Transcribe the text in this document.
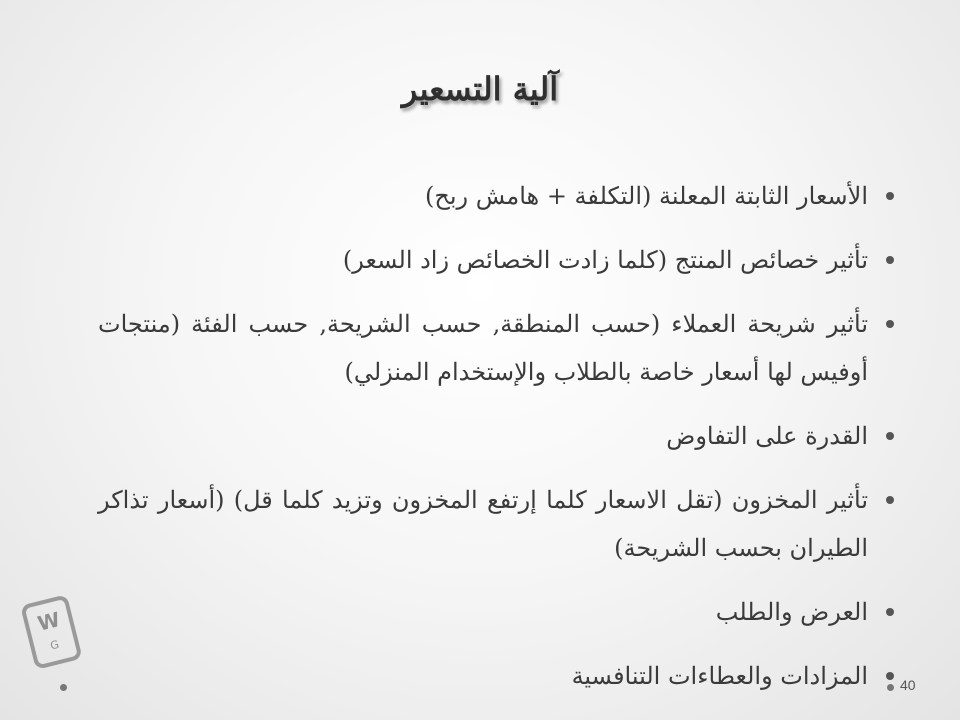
آلية التسعير
الأسعار الثابتة المعلنة (التكلفة + هامش ربح)
تأثير خصائص المنتج (كلما زادت الخصائص زاد السعر)
تأثير شريحة العملاء (حسب المنطقة, حسب الشريحة, حسب الفئة (منتجات أوفيس لها أسعار خاصة بالطلاب والإستخدام المنزلي)
القدرة على التفاوض
تأثير المخزون (تقل الاسعار كلما إرتفع المخزون وتزيد كلما قل) (أسعار تذاكر الطيران بحسب الشريحة)
العرض والطلب
المزادات والعطاءات التنافسية
W
G
40
